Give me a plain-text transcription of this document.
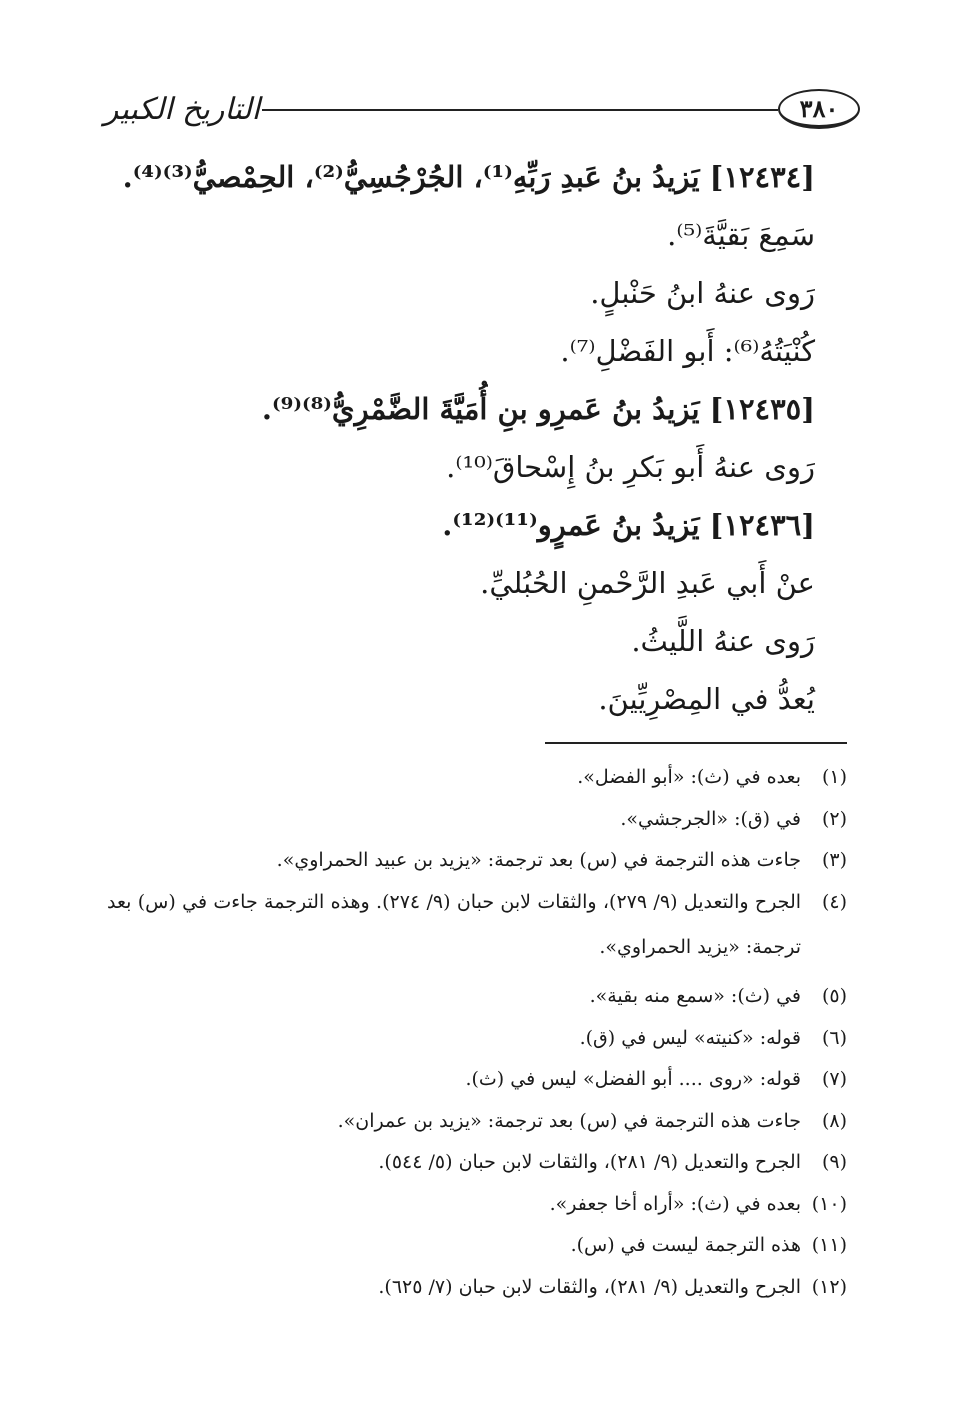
التاريخ الكبير	٣٨٠
[١٢٤٣٤] يَزيدُ بنُ عَبدِ رَبِّهِ⁽¹⁾، الجُرْجُسِيُّ⁽²⁾، الحِمْصيُّ⁽³⁾⁽⁴⁾.
سَمِعَ بَقيَّةَ⁽⁵⁾.
رَوى عنهُ ابنُ حَنْبلٍ.
كُنْيَتُهُ⁽⁶⁾: أَبو الفَضْلِ⁽⁷⁾.
[١٢٤٣٥] يَزيدُ بنُ عَمرِو بنِ أُمَيَّةَ الضَّمْرِيُّ⁽⁸⁾⁽⁹⁾.
رَوى عنهُ أَبو بَكرِ بنُ إِسْحاقَ⁽¹⁰⁾.
[١٢٤٣٦] يَزيدُ بنُ عَمرٍو⁽¹¹⁾⁽¹²⁾.
عنْ أَبي عَبدِ الرَّحْمنِ الحُبُليِّ.
رَوى عنهُ اللَّيثُ.
يُعدُّ في المِصْرِيِّينَ.
(١)
بعده في (ث): «أبو الفضل».
(٢)
في (ق): «الجرجشي».
(٣)
جاءت هذه الترجمة في (س) بعد ترجمة: «يزيد بن عبيد الحمراوي».
(٤)
الجرح والتعديل (٩/ ٢٧٩)، والثقات لابن حبان (٩/ ٢٧٤). وهذه الترجمة جاءت في (س) بعد ترجمة: «يزيد الحمراوي».
(٥)
في (ث): «سمع منه بقية».
(٦)
قوله: «كنيته» ليس في (ق).
(٧)
قوله: «روى .... أبو الفضل» ليس في (ث).
(٨)
جاءت هذه الترجمة في (س) بعد ترجمة: «يزيد بن عمران».
(٩)
الجرح والتعديل (٩/ ٢٨١)، والثقات لابن حبان (٥/ ٥٤٤).
(١٠)
بعده في (ث): «أراه أخا جعفر».
(١١)
هذه الترجمة ليست في (س).
(١٢)
الجرح والتعديل (٩/ ٢٨١)، والثقات لابن حبان (٧/ ٦٢٥).
